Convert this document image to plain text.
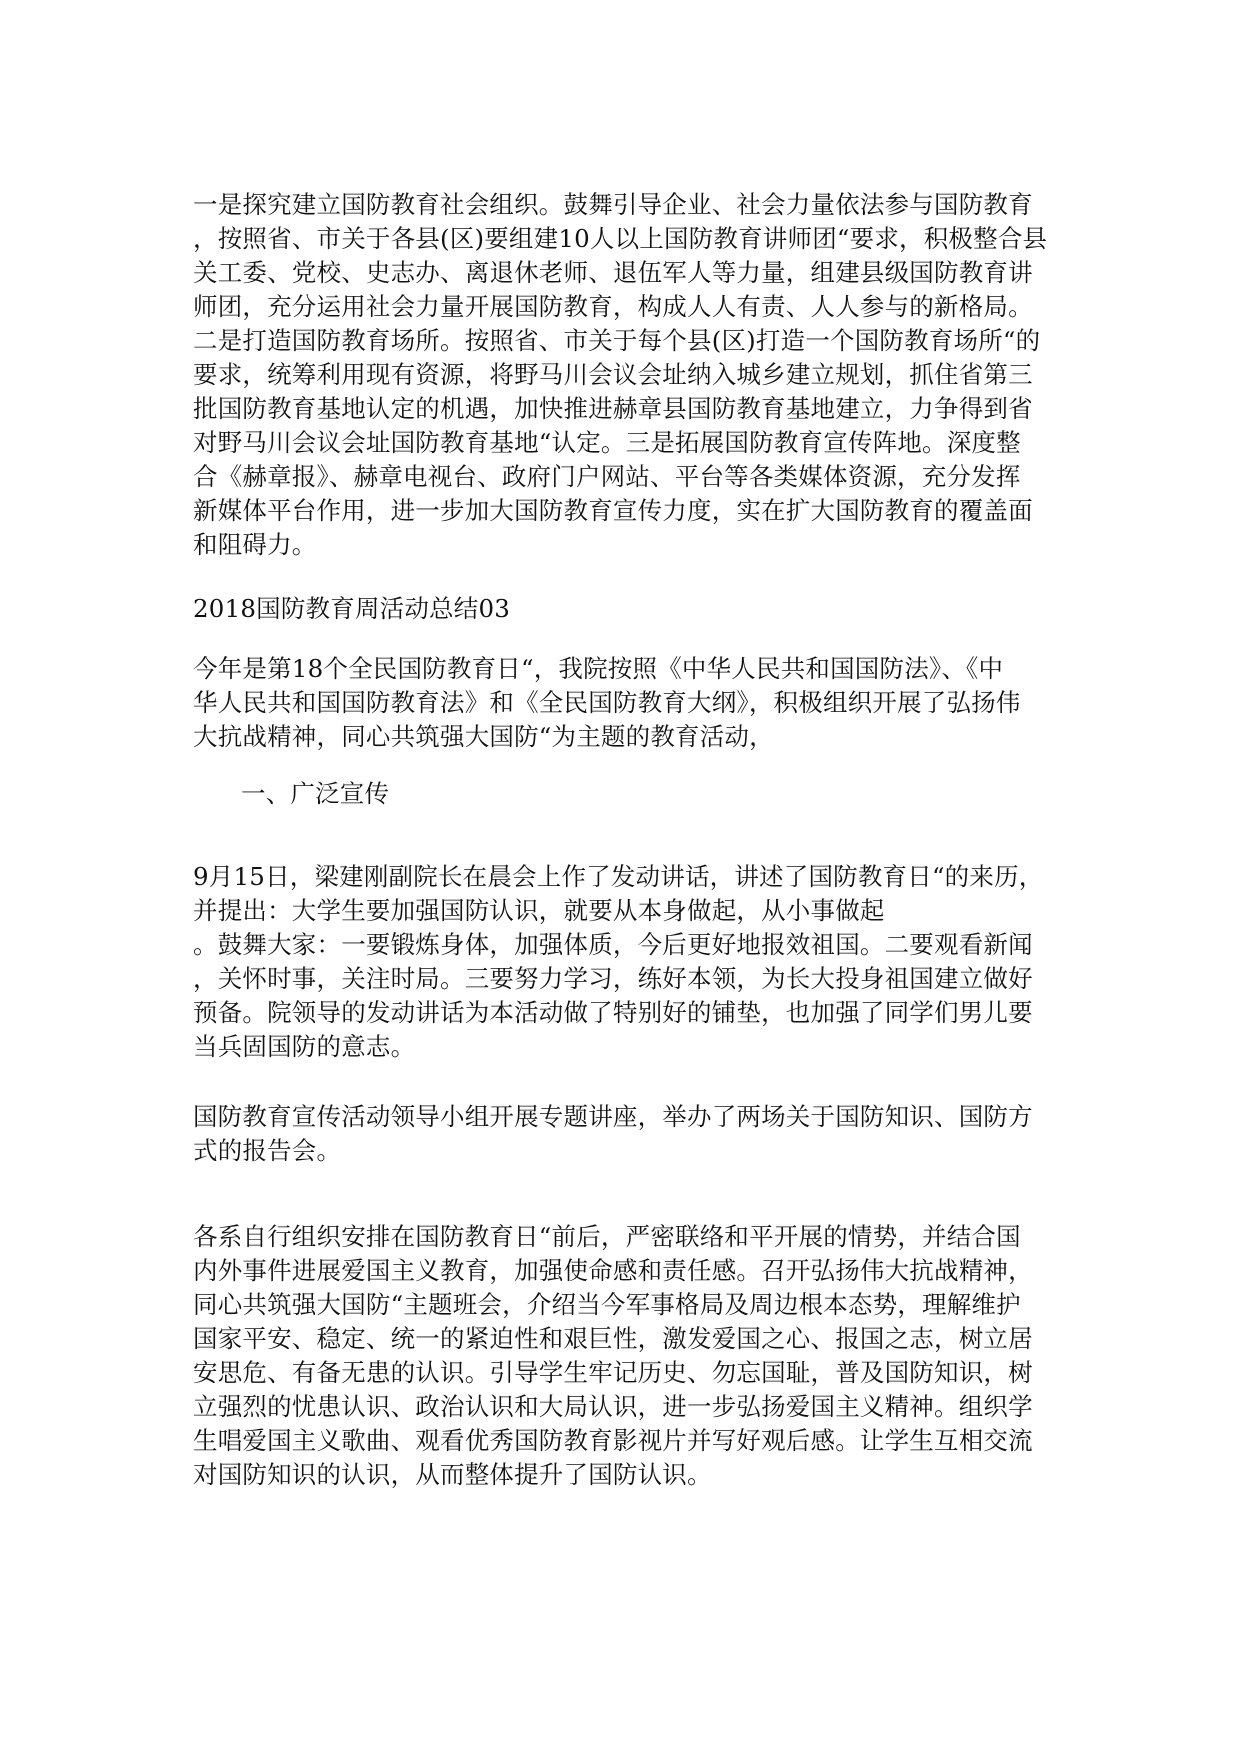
一是探究建立国防教育社会组织。鼓舞引导企业、社会力量依法参与国防教育
，按照省、市关于各县(区)要组建10人以上国防教育讲师团“要求，积极整合县
关工委、党校、史志办、离退休老师、退伍军人等力量，组建县级国防教育讲
师团，充分运用社会力量开展国防教育，构成人人有责、人人参与的新格局。
二是打造国防教育场所。按照省、市关于每个县(区)打造一个国防教育场所“的
要求，统筹利用现有资源，将野马川会议会址纳入城乡建立规划，抓住省第三
批国防教育基地认定的机遇，加快推进赫章县国防教育基地建立，力争得到省
对野马川会议会址国防教育基地“认定。三是拓展国防教育宣传阵地。深度整
合《赫章报》、赫章电视台、政府门户网站、平台等各类媒体资源，充分发挥
新媒体平台作用，进一步加大国防教育宣传力度，实在扩大国防教育的覆盖面
和阻碍力。
2018国防教育周活动总结03
今年是第18个全民国防教育日“，我院按照《中华人民共和国国防法》、《中
华人民共和国国防教育法》和《全民国防教育大纲》，积极组织开展了弘扬伟
大抗战精神，同心共筑强大国防“为主题的教育活动，
一、广泛宣传
9月15日，梁建刚副院长在晨会上作了发动讲话，讲述了国防教育日“的来历，
并提出：大学生要加强国防认识，就要从本身做起，从小事做起
。鼓舞大家：一要锻炼身体，加强体质，今后更好地报效祖国。二要观看新闻
，关怀时事，关注时局。三要努力学习，练好本领，为长大投身祖国建立做好
预备。院领导的发动讲话为本活动做了特别好的铺垫，也加强了同学们男儿要
当兵固国防的意志。
国防教育宣传活动领导小组开展专题讲座，举办了两场关于国防知识、国防方
式的报告会。
各系自行组织安排在国防教育日“前后，严密联络和平开展的情势，并结合国
内外事件进展爱国主义教育，加强使命感和责任感。召开弘扬伟大抗战精神，
同心共筑强大国防“主题班会，介绍当今军事格局及周边根本态势，理解维护
国家平安、稳定、统一的紧迫性和艰巨性，激发爱国之心、报国之志，树立居
安思危、有备无患的认识。引导学生牢记历史、勿忘国耻，普及国防知识，树
立强烈的忧患认识、政治认识和大局认识，进一步弘扬爱国主义精神。组织学
生唱爱国主义歌曲、观看优秀国防教育影视片并写好观后感。让学生互相交流
对国防知识的认识，从而整体提升了国防认识。
